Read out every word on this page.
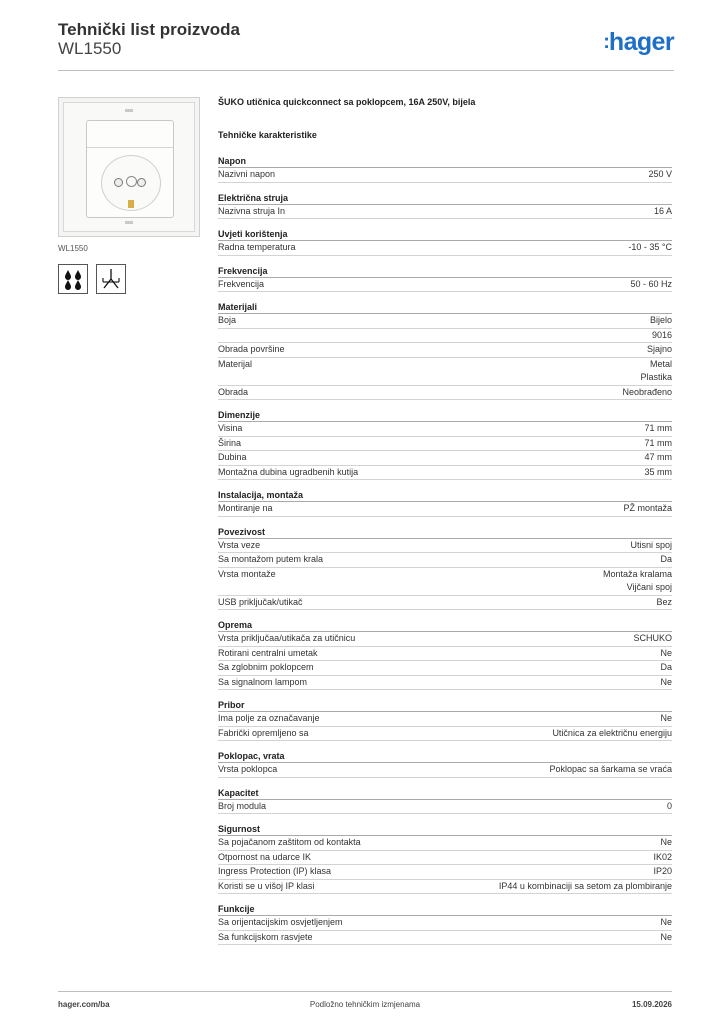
Tehnički list proizvoda
WL1550	:hager
WL1550
ŠUKO utičnica quickconnect sa poklopcem, 16A 250V, bijela
Tehničke karakteristike
Napon
Nazivni napon	250 V
Električna struja
Nazivna struja In	16 A
Uvjeti korištenja
Radna temperatura	-10 - 35 °C
Frekvencija
Frekvencija	50 - 60 Hz
Materijali
Boja	Bijelo
9016
Obrada površine	Sjajno
Materijal	Metal
Plastika
Obrada	Neobrađeno
Dimenzije
Visina	71 mm
Širina	71 mm
Dubina	47 mm
Montažna dubina ugradbenih kutija	35 mm
Instalacija, montaža
Montiranje na	PŽ montaža
Povezivost
Vrsta veze	Utisni spoj
Sa montažom putem krala	Da
Vrsta montaže	Montaža kralama
Vijčani spoj
USB priključak/utikač	Bez
Oprema
Vrsta priključaa/utikača za utičnicu	SCHUKO
Rotirani centralni umetak	Ne
Sa zglobnim poklopcem	Da
Sa signalnom lampom	Ne
Pribor
Ima polje za označavanje	Ne
Fabrički opremljeno sa	Utičnica za električnu energiju
Poklopac, vrata
Vrsta poklopca	Poklopac sa šarkama se vraća
Kapacitet
Broj modula	0
Sigurnost
Sa pojačanom zaštitom od kontakta	Ne
Otpornost na udarce IK	IK02
Ingress Protection (IP) klasa	IP20
Koristi se u višoj IP klasi	IP44 u kombinaciji sa setom za plombiranje
Funkcije
Sa orijentacijskim osvjetljenjem	Ne
Sa funkcijskom rasvjete	Ne
hager.com/ba	Podložno tehničkim izmjenama	15.09.2026
